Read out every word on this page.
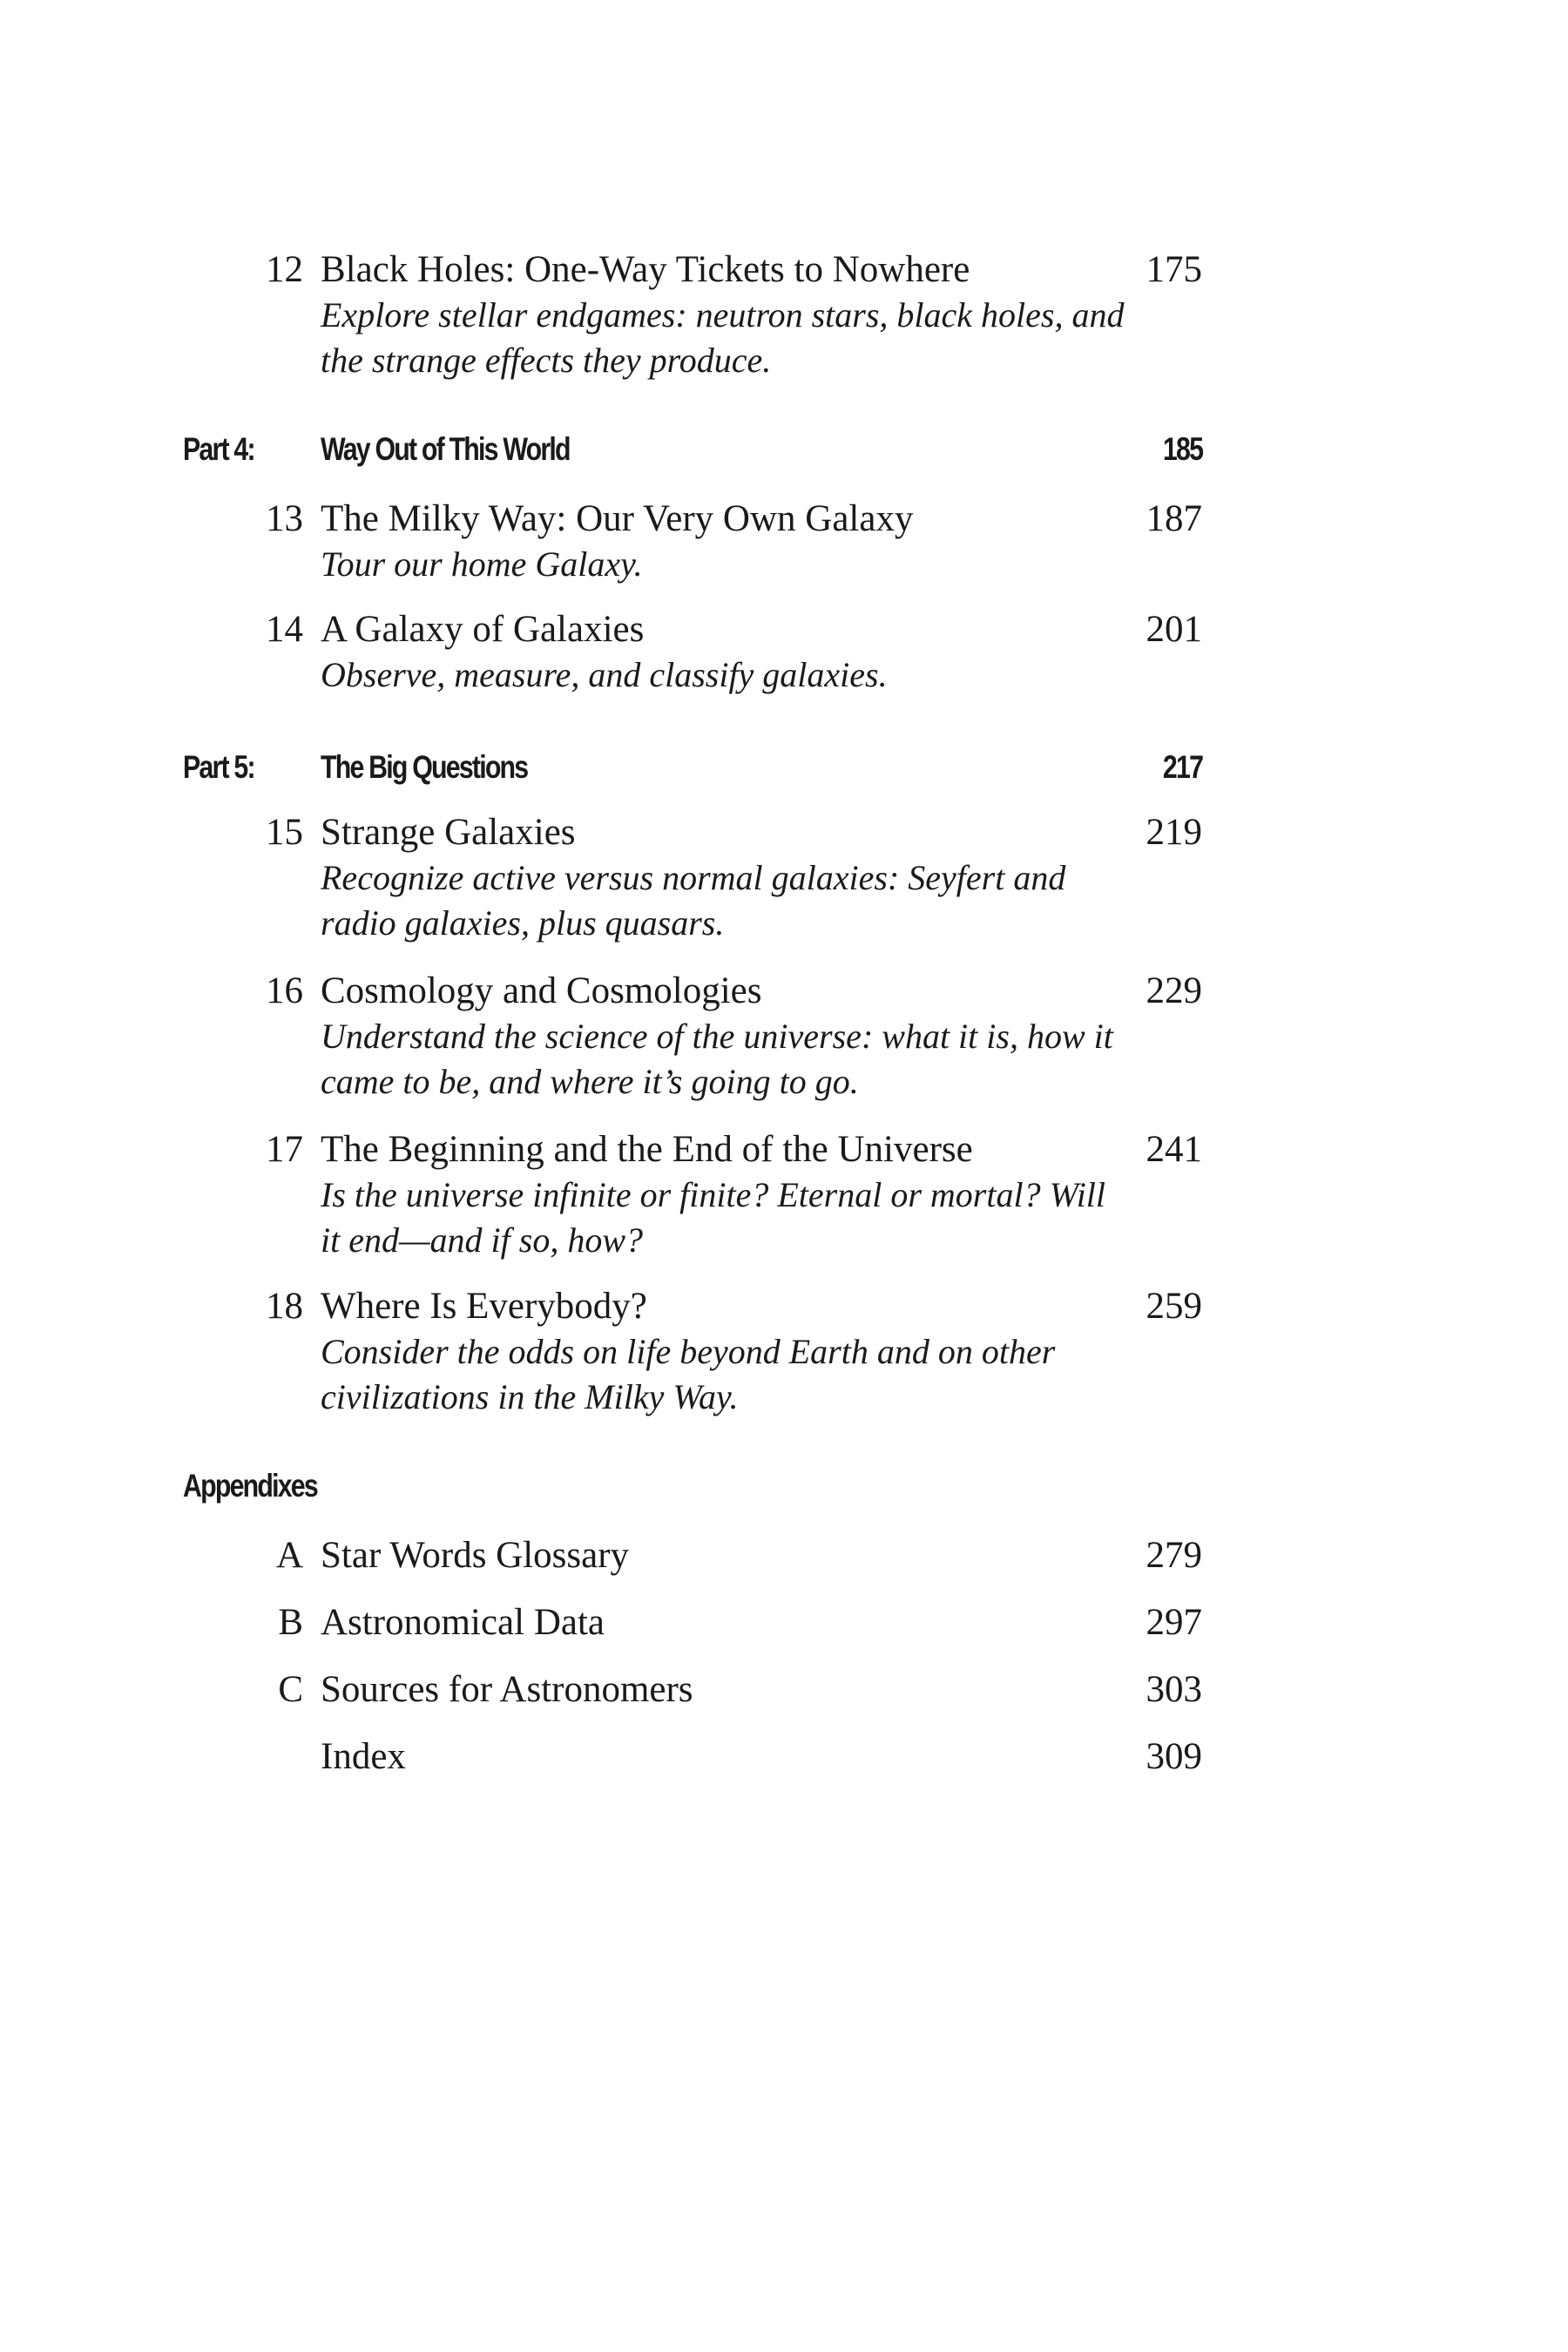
12 Black Holes: One-Way Tickets to Nowhere	175
Explore stellar endgames: neutron stars, black holes, and the strange effects they produce.
Part 4: Way Out of This World	185
13 The Milky Way: Our Very Own Galaxy	187
Tour our home Galaxy.
14 A Galaxy of Galaxies	201
Observe, measure, and classify galaxies.
Part 5: The Big Questions	217
15 Strange Galaxies	219
Recognize active versus normal galaxies: Seyfert and radio galaxies, plus quasars.
16 Cosmology and Cosmologies	229
Understand the science of the universe: what it is, how it came to be, and where it’s going to go.
17 The Beginning and the End of the Universe	241
Is the universe infinite or finite? Eternal or mortal? Will it end—and if so, how?
18 Where Is Everybody?	259
Consider the odds on life beyond Earth and on other civilizations in the Milky Way.
Appendixes
A Star Words Glossary	279
B Astronomical Data	297
C Sources for Astronomers	303
Index	309
